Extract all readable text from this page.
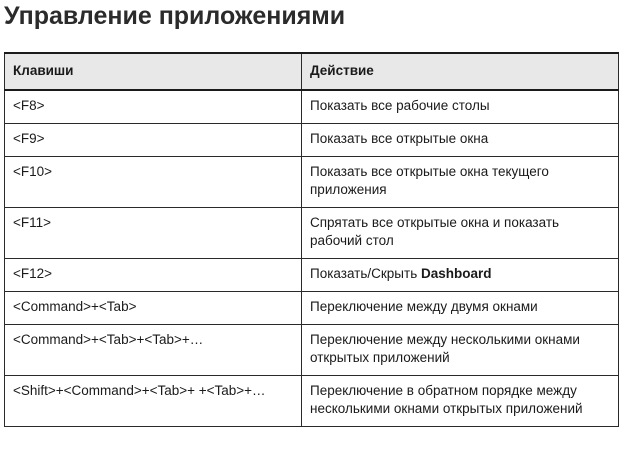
Управление приложениями
Клавиши	Действие
<F8>	Показать все рабочие столы
<F9>	Показать все открытые окна
<F10>	Показать все открытые окна текущего приложения
<F11>	Спрятать все открытые окна и показать рабочий стол
<F12>	Показать/Скрыть Dashboard
<Command>+<Tab>	Переключение между двумя окнами
<Command>+<Tab>+<Tab>+…	Переключение между несколькими окнами открытых приложений
<Shift>+<Command>+<Tab>+ +<Tab>+…	Переключение в обратном порядке между несколькими окнами открытых приложений
